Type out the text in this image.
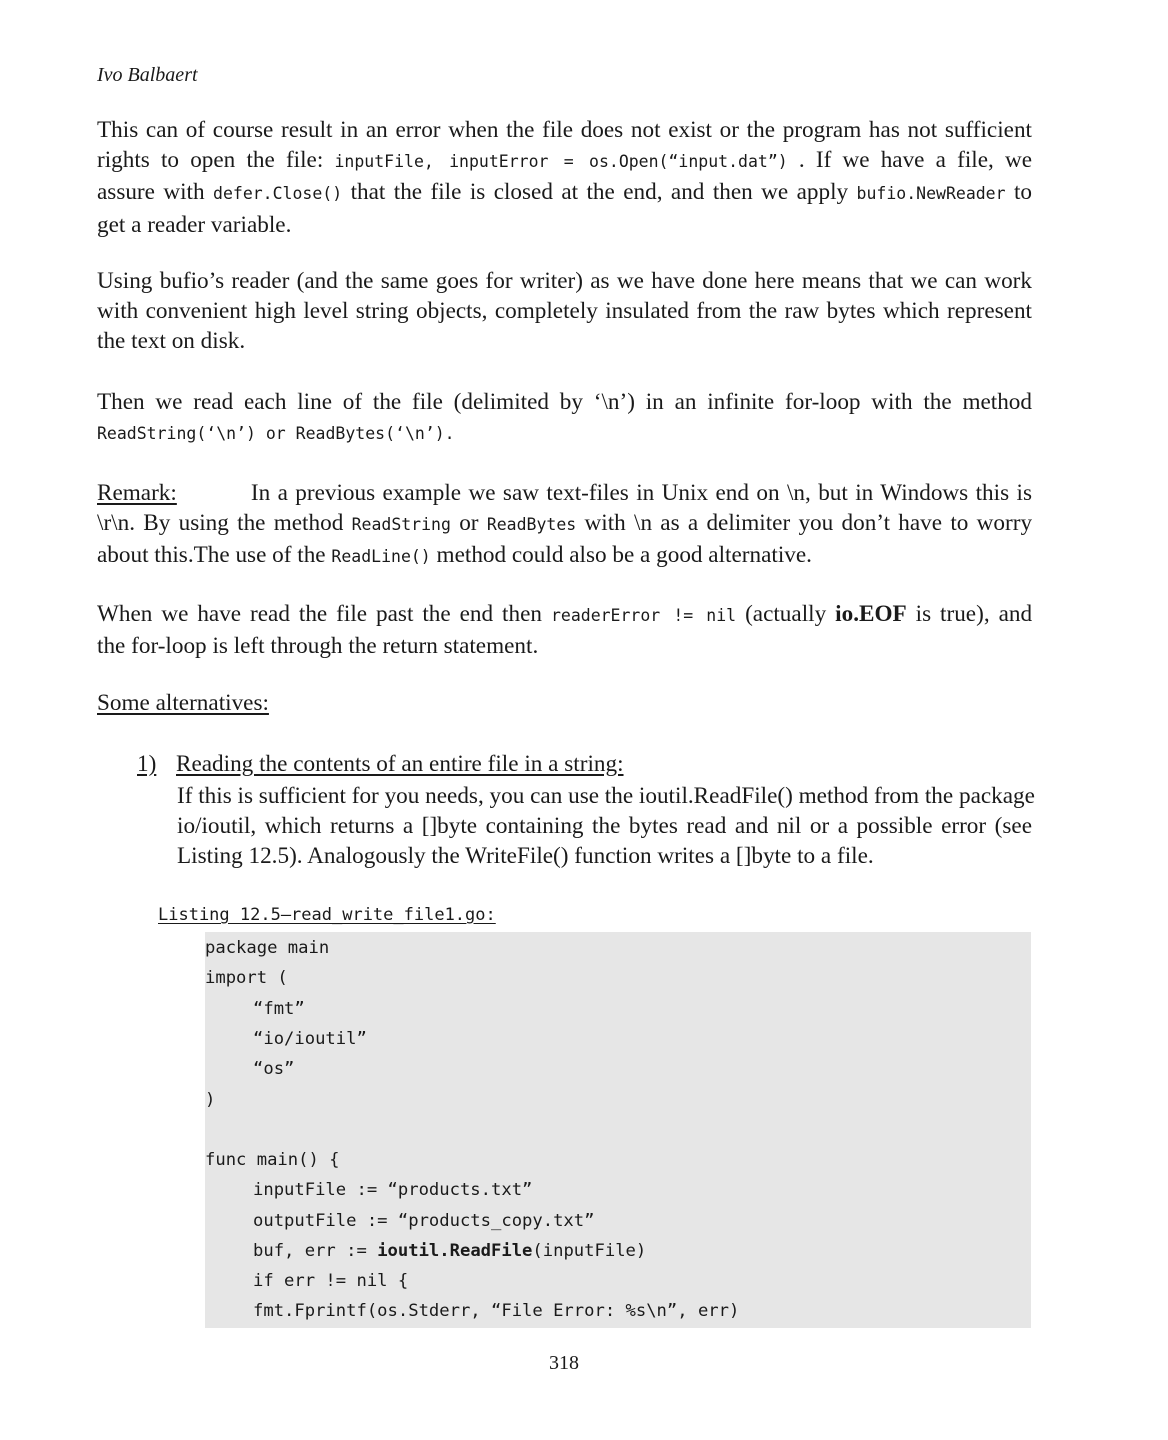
Ivo Balbaert
This can of course result in an error when the file does not exist or the program has not sufficient
rights to open the file: inputFile, inputError = os.Open(“input.dat”) . If we have a file, we
assure with defer.Close() that the file is closed at the end, and then we apply bufio.NewReader to
get a reader variable.
Using bufio’s reader (and the same goes for writer) as we have done here means that we can work
with convenient high level string objects, completely insulated from the raw bytes which represent
the text on disk.
Then we read each line of the file (delimited by ‘\n’) in an infinite for-loop with the method
ReadString(‘\n’) or ReadBytes(‘\n’).
Remark:	In a previous example we saw text-files in Unix end on \n, but in Windows this is
\r\n. By using the method ReadString or ReadBytes with \n as a delimiter you don’t have to worry
about this.The use of the ReadLine() method could also be a good alternative.
When we have read the file past the end then readerError != nil (actually io.EOF is true), and
the for-loop is left through the return statement.
Some alternatives:
1) Reading the contents of an entire file in a string:
If this is sufficient for you needs, you can use the ioutil.ReadFile() method from the package
io/ioutil, which returns a []byte containing the bytes read and nil or a possible error (see
Listing 12.5). Analogously the WriteFile() function writes a []byte to a file.
Listing 12.5—read_write_file1.go:
package main
import (
“fmt”
“io/ioutil”
“os”
)
func main() {
inputFile := “products.txt”
outputFile := “products_copy.txt”
buf, err := ioutil.ReadFile(inputFile)
if err != nil {
fmt.Fprintf(os.Stderr, “File Error: %s\n”, err)
318
